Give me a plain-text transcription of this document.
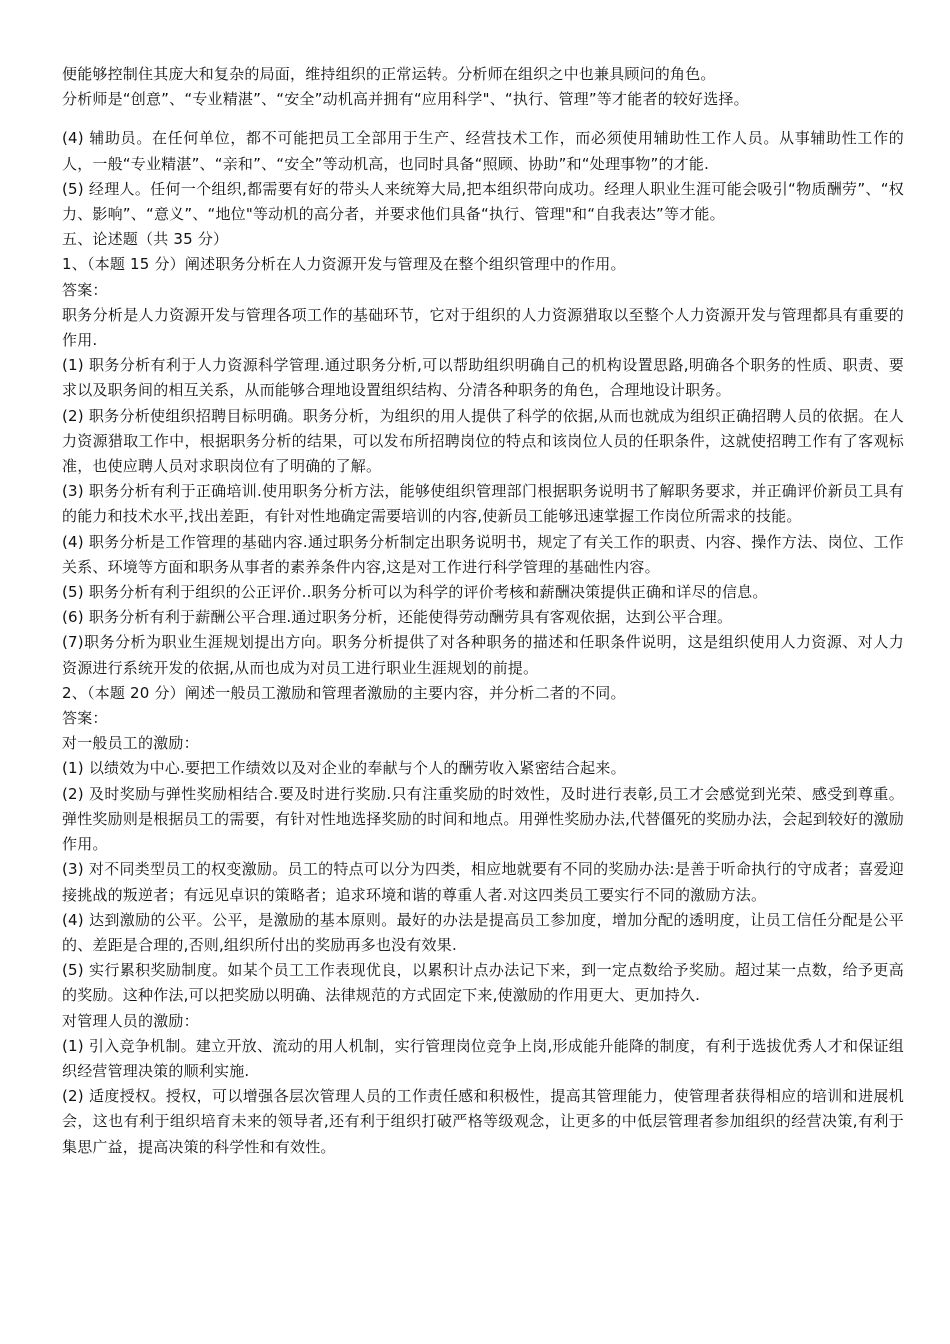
便能够控制住其庞大和复杂的局面，维持组织的正常运转。分析师在组织之中也兼具顾问的角色。

分析师是“创意”、“专业精湛”、“安全”动机高并拥有“应用科学"、“执行、管理”等才能者的较好选择。

(4) 辅助员。在任何单位，都不可能把员工全部用于生产、经营技术工作，而必须使用辅助性工作人员。从事辅助性工作的人，一般“专业精湛”、“亲和”、“安全”等动机高，也同时具备“照顾、协助”和“处理事物”的才能.

(5) 经理人。任何一个组织,都需要有好的带头人来统筹大局,把本组织带向成功。经理人职业生涯可能会吸引“物质酬劳”、“权力、影响”、“意义”、“地位"等动机的高分者，并要求他们具备“执行、管理"和“自我表达”等才能。

五、论述题（共 35 分）

1、（本题 15 分）阐述职务分析在人力资源开发与管理及在整个组织管理中的作用。

答案：

职务分析是人力资源开发与管理各项工作的基础环节，它对于组织的人力资源猎取以至整个人力资源开发与管理都具有重要的作用.

(1) 职务分析有利于人力资源科学管理.通过职务分析,可以帮助组织明确自己的机构设置思路,明确各个职务的性质、职责、要求以及职务间的相互关系，从而能够合理地设置组织结构、分清各种职务的角色，合理地设计职务。

(2) 职务分析使组织招聘目标明确。职务分析，为组织的用人提供了科学的依据,从而也就成为组织正确招聘人员的依据。在人力资源猎取工作中，根据职务分析的结果，可以发布所招聘岗位的特点和该岗位人员的任职条件，这就使招聘工作有了客观标准，也使应聘人员对求职岗位有了明确的了解。

(3) 职务分析有利于正确培训.使用职务分析方法，能够使组织管理部门根据职务说明书了解职务要求，并正确评价新员工具有的能力和技术水平,找出差距，有针对性地确定需要培训的内容,使新员工能够迅速掌握工作岗位所需求的技能。

(4) 职务分析是工作管理的基础内容.通过职务分析制定出职务说明书，规定了有关工作的职责、内容、操作方法、岗位、工作关系、环境等方面和职务从事者的素养条件内容,这是对工作进行科学管理的基础性内容。

(5) 职务分析有利于组织的公正评价..职务分析可以为科学的评价考核和薪酬决策提供正确和详尽的信息。

(6) 职务分析有利于薪酬公平合理.通过职务分析，还能使得劳动酬劳具有客观依据，达到公平合理。

(7)职务分析为职业生涯规划提出方向。职务分析提供了对各种职务的描述和任职条件说明，这是组织使用人力资源、对人力资源进行系统开发的依据,从而也成为对员工进行职业生涯规划的前提。

2、（本题 20 分）阐述一般员工激励和管理者激励的主要内容，并分析二者的不同。

答案：

对一般员工的激励：

(1) 以绩效为中心.要把工作绩效以及对企业的奉献与个人的酬劳收入紧密结合起来。

(2) 及时奖励与弹性奖励相结合.要及时进行奖励.只有注重奖励的时效性，及时进行表彰,员工才会感觉到光荣、感受到尊重。弹性奖励则是根据员工的需要，有针对性地选择奖励的时间和地点。用弹性奖励办法,代替僵死的奖励办法，会起到较好的激励作用。

(3) 对不同类型员工的权变激励。员工的特点可以分为四类，相应地就要有不同的奖励办法:是善于听命执行的守成者；喜爱迎接挑战的叛逆者；有远见卓识的策略者；追求环境和谐的尊重人者.对这四类员工要实行不同的激励方法。

(4) 达到激励的公平。公平，是激励的基本原则。最好的办法是提高员工参加度，增加分配的透明度，让员工信任分配是公平的、差距是合理的,否则,组织所付出的奖励再多也没有效果.

(5) 实行累积奖励制度。如某个员工工作表现优良，以累积计点办法记下来，到一定点数给予奖励。超过某一点数，给予更高的奖励。这种作法,可以把奖励以明确、法律规范的方式固定下来,使激励的作用更大、更加持久.

对管理人员的激励：

(1) 引入竞争机制。建立开放、流动的用人机制，实行管理岗位竞争上岗,形成能升能降的制度，有利于选拔优秀人才和保证组织经营管理决策的顺利实施.

(2) 适度授权。授权，可以增强各层次管理人员的工作责任感和积极性，提高其管理能力，使管理者获得相应的培训和进展机会，这也有利于组织培育未来的领导者,还有利于组织打破严格等级观念，让更多的中低层管理者参加组织的经营决策,有利于集思广益，提高决策的科学性和有效性。
